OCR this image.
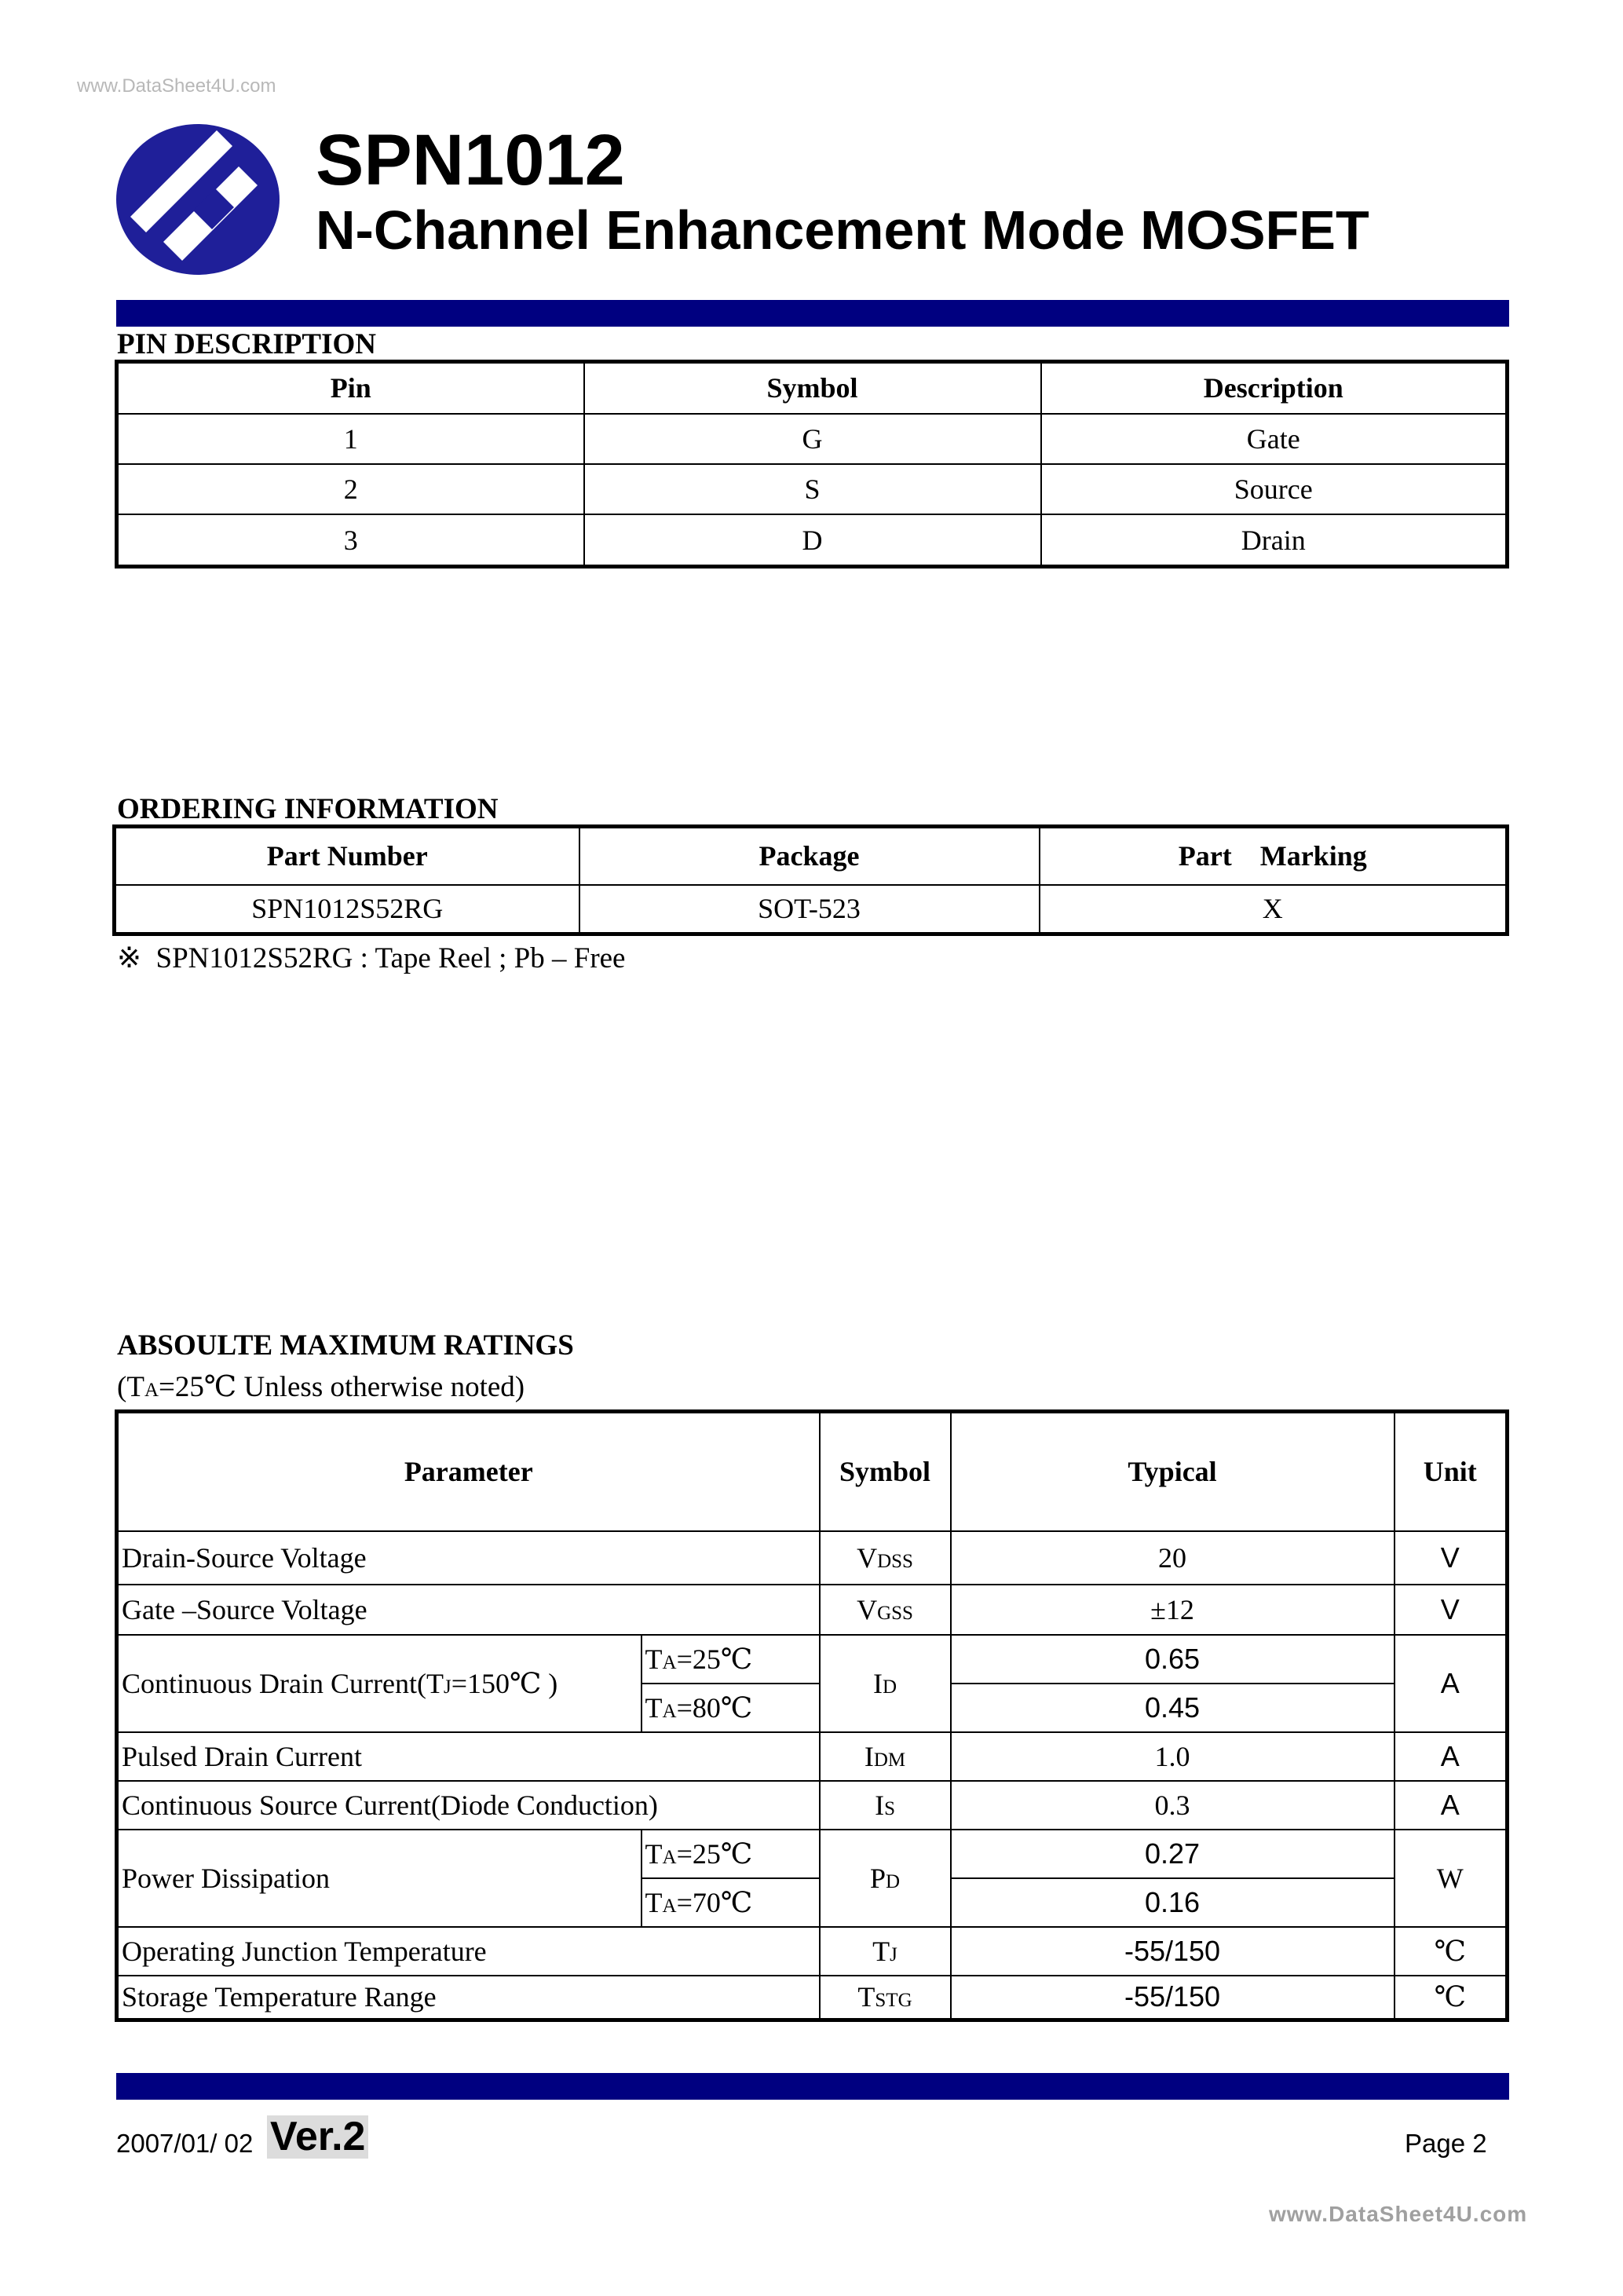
www.DataSheet4U.com
SPN1012
N-Channel Enhancement Mode MOSFET
PIN DESCRIPTION
Pin	Symbol	Description
1	G	Gate
2	S	Source
3	D	Drain
ORDERING INFORMATION
Part Number	Package	Part    Marking
SPN1012S52RG	SOT-523	X
※  SPN1012S52RG : Tape Reel ; Pb – Free
ABSOULTE MAXIMUM RATINGS
(TA=25℃ Unless otherwise noted)
Parameter		Symbol	Typical	Unit
Drain-Source Voltage		VDSS	20	V
Gate –Source Voltage		VGSS	±12	V
Continuous Drain Current(TJ=150℃ )	TA=25℃	ID	0.65	A
	TA=80℃		0.45	
Pulsed Drain Current		IDM	1.0	A
Continuous Source Current(Diode Conduction)		IS	0.3	A
Power Dissipation	TA=25℃	PD	0.27	W
	TA=70℃		0.16	
Operating Junction Temperature		TJ	-55/150	℃
Storage Temperature Range		TSTG	-55/150	℃
2007/01/ 02 Ver.2	Page 2
www.DataSheet4U.com
